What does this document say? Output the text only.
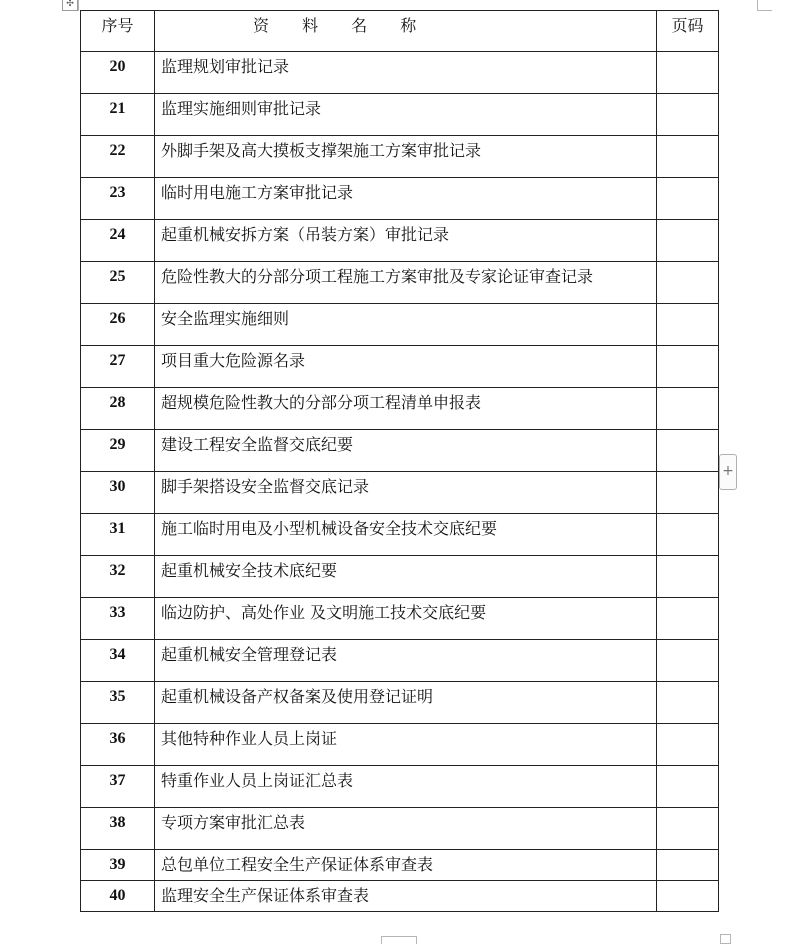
✣
序号	资 料 名 称	页码

20	监理规划审批记录	

21	监理实施细则审批记录	

22	外脚手架及高大摸板支撑架施工方案审批记录	

23	临时用电施工方案审批记录	

24	起重机械安拆方案（吊装方案）审批记录	

25	危险性教大的分部分项工程施工方案审批及专家论证审查记录	

26	安全监理实施细则	

27	项目重大危险源名录	

28	超规模危险性教大的分部分项工程清单申报表	

29	建设工程安全监督交底纪要	

30	脚手架搭设安全监督交底记录	

31	施工临时用电及小型机械设备安全技术交底纪要	

32	起重机械安全技术底纪要	

33	临边防护、高处作业 及文明施工技术交底纪要	

34	起重机械安全管理登记表	

35	起重机械设备产权备案及使用登记证明	

36	其他特种作业人员上岗证	

37	特重作业人员上岗证汇总表	

38	专项方案审批汇总表	

39	总包单位工程安全生产保证体系审查表	

40	监理安全生产保证体系审查表	

+
